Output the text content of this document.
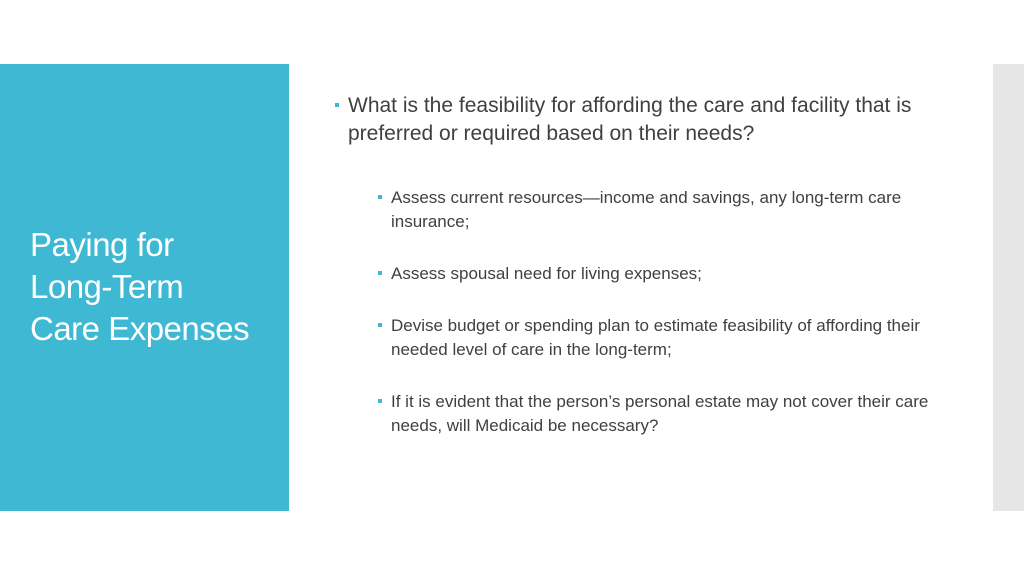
Paying for
Long-Term
Care Expenses
What is the feasibility for affording the care and facility that is preferred or required based on their needs?
Assess current resources—income and savings, any long-term care insurance;
Assess spousal need for living expenses;
Devise budget or spending plan to estimate feasibility of affording their needed level of care in the long-term;
If it is evident that the person’s personal estate may not cover their care needs, will Medicaid be necessary?
